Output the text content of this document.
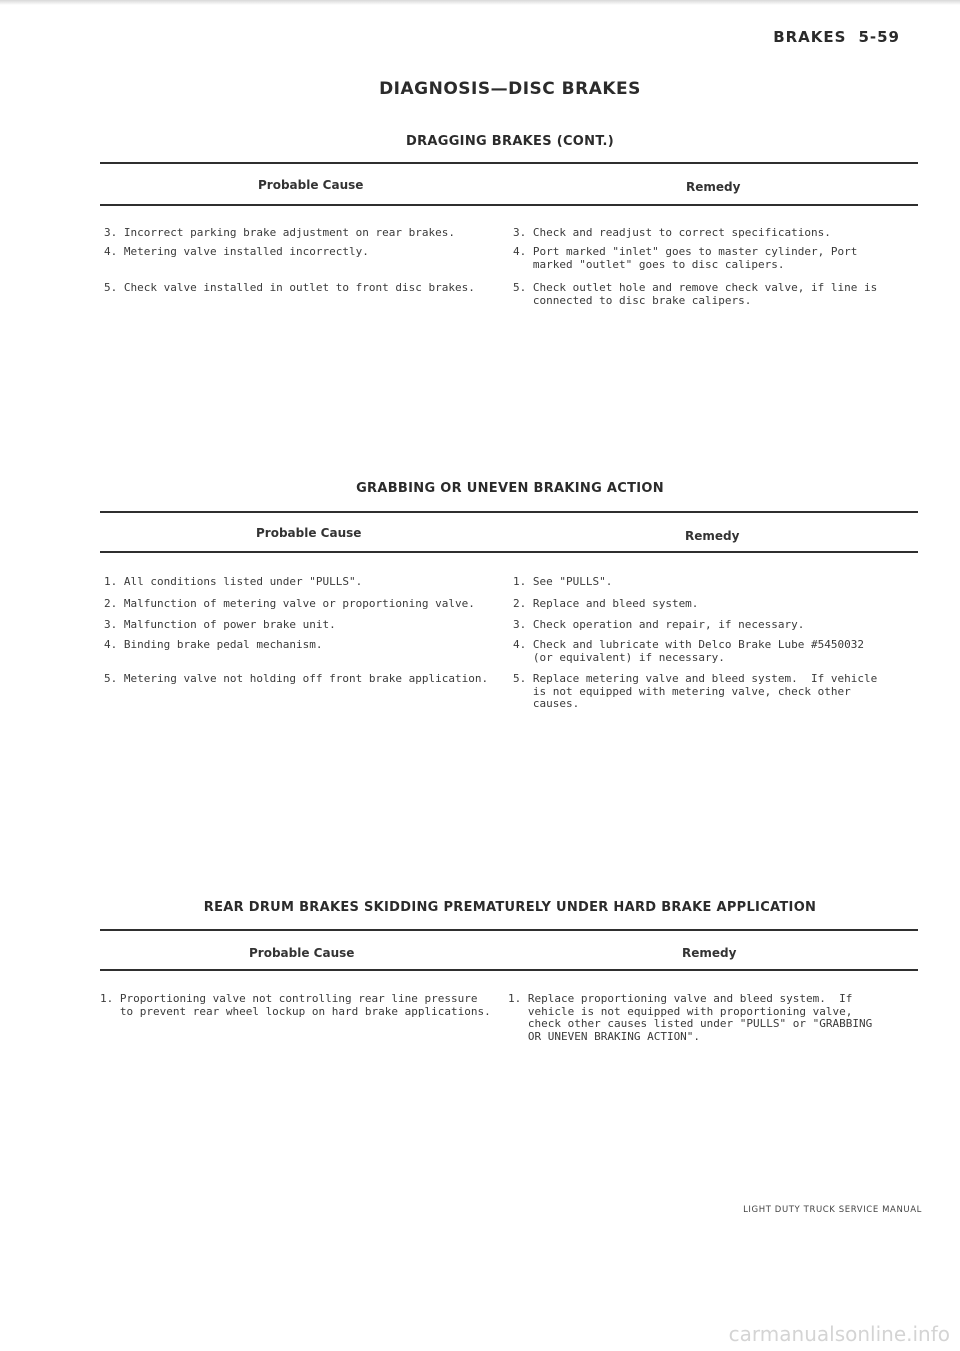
BRAKES 5-59
DIAGNOSIS—DISC BRAKES
DRAGGING BRAKES (CONT.)
Probable Cause	Remedy
3. Incorrect parking brake adjustment on rear brakes.	3. Check and readjust to correct specifications.
4. Metering valve installed incorrectly.	4. Port marked "inlet" goes to master cylinder, Port
marked "outlet" goes to disc calipers.
5. Check valve installed in outlet to front disc brakes.	5. Check outlet hole and remove check valve, if line is
connected to disc brake calipers.
GRABBING OR UNEVEN BRAKING ACTION
Probable Cause	Remedy
1. All conditions listed under "PULLS".	1. See "PULLS".
2. Malfunction of metering valve or proportioning valve.	2. Replace and bleed system.
3. Malfunction of power brake unit.	3. Check operation and repair, if necessary.
4. Binding brake pedal mechanism.	4. Check and lubricate with Delco Brake Lube #5450032
(or equivalent) if necessary.
5. Metering valve not holding off front brake application. 5. Replace metering valve and bleed system.  If vehicle
is not equipped with metering valve, check other
causes.
REAR DRUM BRAKES SKIDDING PREMATURELY UNDER HARD BRAKE APPLICATION
Probable Cause	Remedy
1. Proportioning valve not controlling rear line pressure
to prevent rear wheel lockup on hard brake applications.
1. Replace proportioning valve and bleed system.  If
vehicle is not equipped with proportioning valve,
check other causes listed under "PULLS" or "GRABBING
OR UNEVEN BRAKING ACTION".
LIGHT DUTY TRUCK SERVICE MANUAL
carmanualsonline.info
